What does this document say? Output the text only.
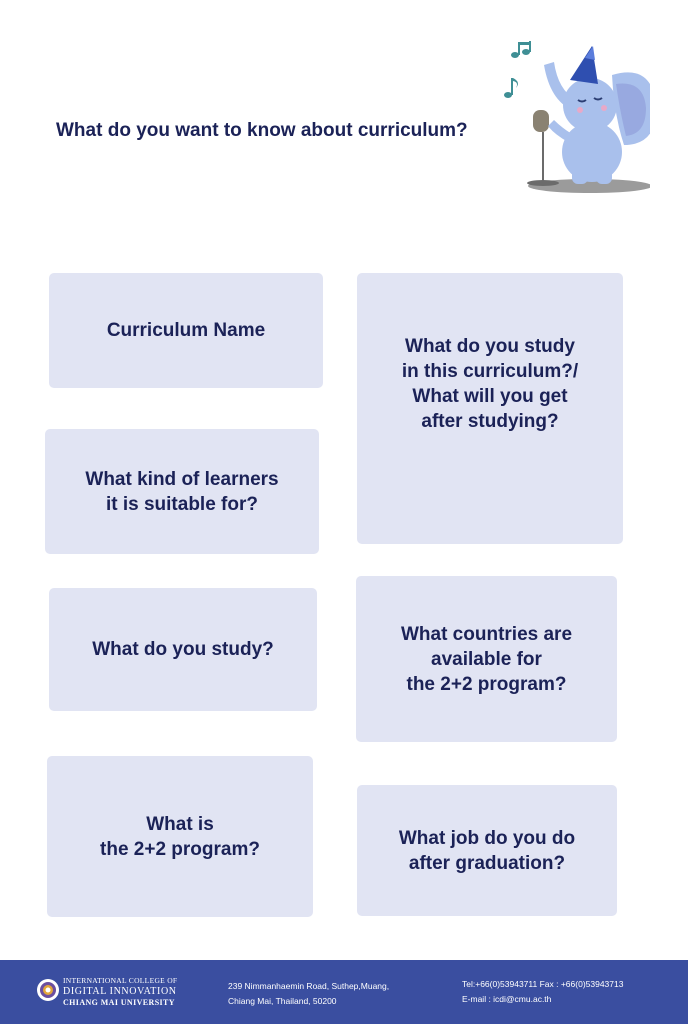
What do you want to know about curriculum?
Curriculum Name
What do you study
in this curriculum?/
What will you get
after studying?
What kind of learners
it is suitable for?
What do you study?
What countries are
available for
the 2+2 program?
What is
the 2+2 program?
What job do you do
after graduation?
INTERNATIONAL COLLEGE OF
DIGITAL INNOVATION
CHIANG MAI UNIVERSITY
239 Nimmanhaemin Road, Suthep,Muang,
Chiang Mai, Thailand, 50200
Tel:+66(0)53943711 Fax : +66(0)53943713
E-mail : icdi@cmu.ac.th
